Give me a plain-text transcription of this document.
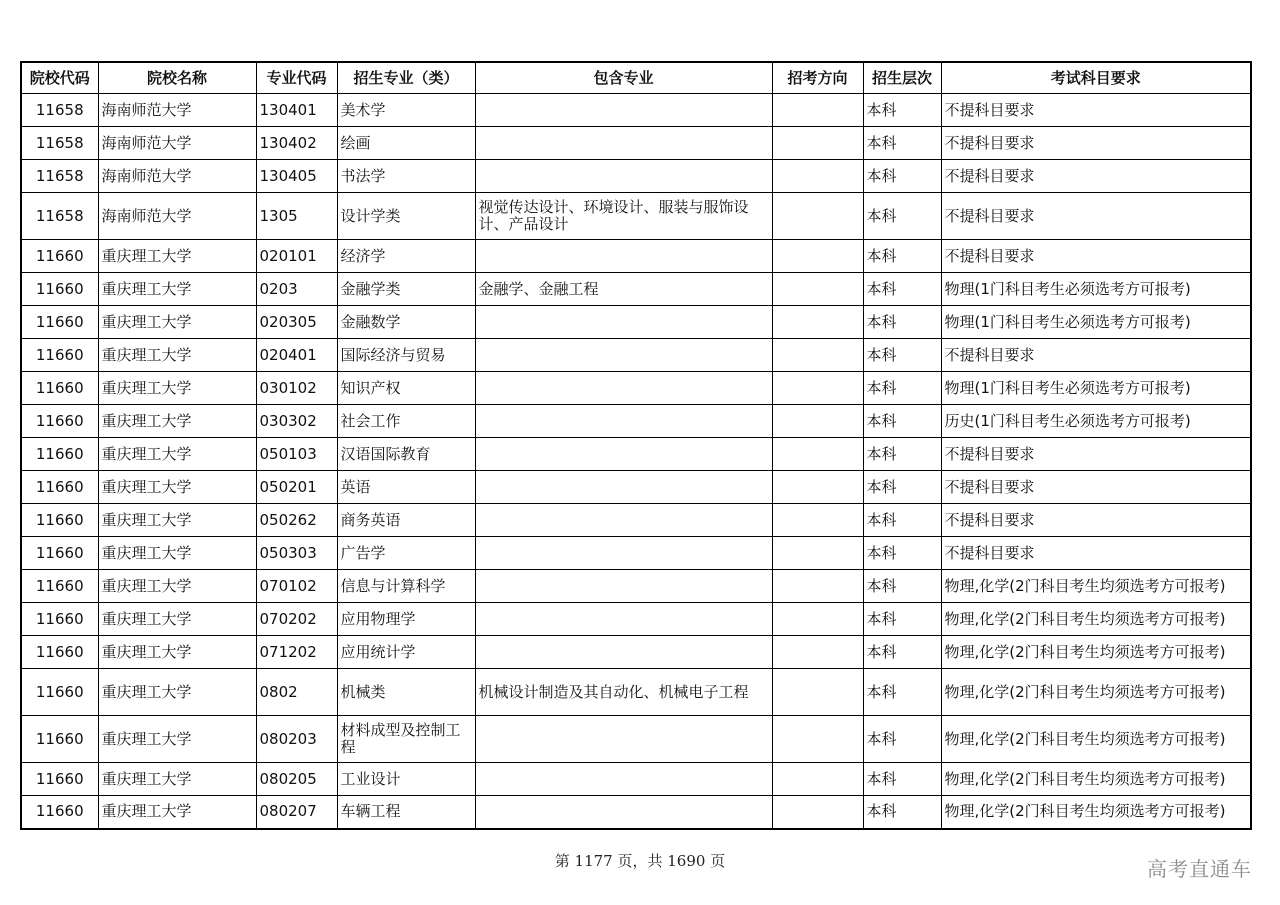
院校代码	院校名称	专业代码	招生专业（类）	包含专业	招考方向	招生层次	考试科目要求
11658	海南师范大学	130401	美术学			本科	不提科目要求
11658	海南师范大学	130402	绘画			本科	不提科目要求
11658	海南师范大学	130405	书法学			本科	不提科目要求
11658	海南师范大学	1305	设计学类	视觉传达设计、环境设计、服装与服饰设计、产品设计		本科	不提科目要求
11660	重庆理工大学	020101	经济学			本科	不提科目要求
11660	重庆理工大学	0203	金融学类	金融学、金融工程		本科	物理(1门科目考生必须选考方可报考)
11660	重庆理工大学	020305	金融数学			本科	物理(1门科目考生必须选考方可报考)
11660	重庆理工大学	020401	国际经济与贸易			本科	不提科目要求
11660	重庆理工大学	030102	知识产权			本科	物理(1门科目考生必须选考方可报考)
11660	重庆理工大学	030302	社会工作			本科	历史(1门科目考生必须选考方可报考)
11660	重庆理工大学	050103	汉语国际教育			本科	不提科目要求
11660	重庆理工大学	050201	英语			本科	不提科目要求
11660	重庆理工大学	050262	商务英语			本科	不提科目要求
11660	重庆理工大学	050303	广告学			本科	不提科目要求
11660	重庆理工大学	070102	信息与计算科学			本科	物理,化学(2门科目考生均须选考方可报考)
11660	重庆理工大学	070202	应用物理学			本科	物理,化学(2门科目考生均须选考方可报考)
11660	重庆理工大学	071202	应用统计学			本科	物理,化学(2门科目考生均须选考方可报考)
11660	重庆理工大学	0802	机械类	机械设计制造及其自动化、机械电子工程		本科	物理,化学(2门科目考生均须选考方可报考)
11660	重庆理工大学	080203	材料成型及控制工程			本科	物理,化学(2门科目考生均须选考方可报考)
11660	重庆理工大学	080205	工业设计			本科	物理,化学(2门科目考生均须选考方可报考)
11660	重庆理工大学	080207	车辆工程			本科	物理,化学(2门科目考生均须选考方可报考)
第 1177 页，共 1690 页	高考直通车
